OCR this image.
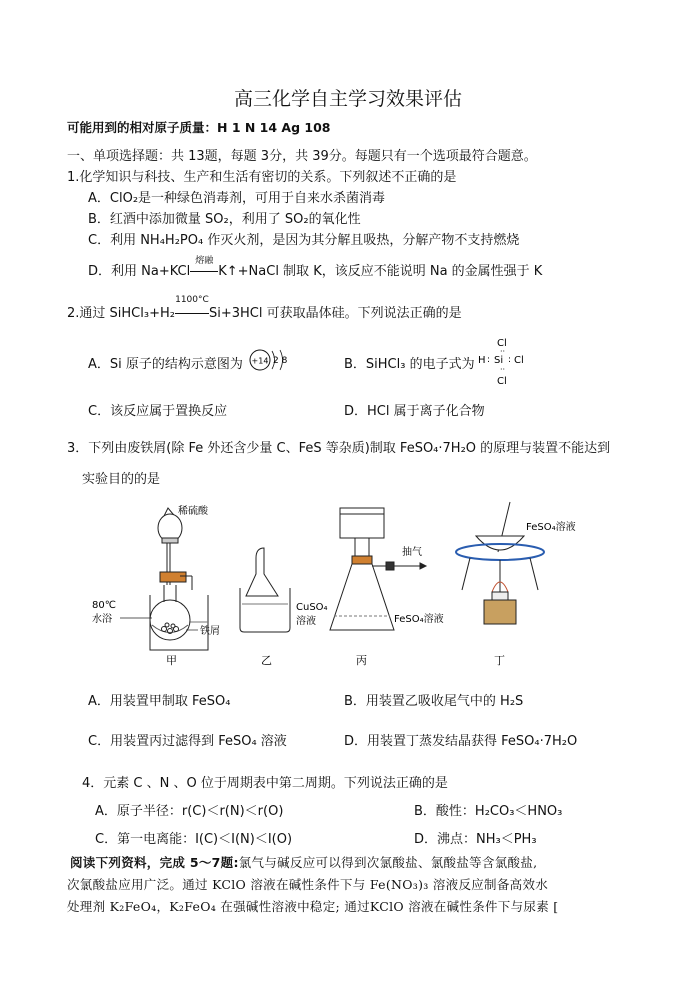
高三化学自主学习效果评估
可能用到的相对原子质量：H 1 N 14 Ag 108
一、单项选择题：共 13题，每题 3分，共 39分。每题只有一个选项最符合题意。
1.化学知识与科技、生产和生活有密切的关系。下列叙述不正确的是
A．ClO₂是一种绿色消毒剂，可用于自来水杀菌消毒
B．红酒中添加微量 SO₂，利用了 SO₂的氧化性
C．利用 NH₄H₂PO₄ 作灭火剂，是因为其分解且吸热，分解产物不支持燃烧
D．利用 Na+KCl
熔融
K↑+NaCl 制取 K，该反应不能说明 Na 的金属性强于 K
2.通过 SiHCl₃+H₂
1100°C
Si+3HCl 可获取晶体硅。下列说法正确的是
A．Si 原子的结构示意图为 +14 2 8	B．SiHCl₃ 的电子式为
Cl
··
H : Si : Cl
··
Cl
C．该反应属于置换反应	D．HCl 属于离子化合物
3．下列由废铁屑(除 Fe 外还含少量 C、FeS 等杂质)制取 FeSO₄·7H₂O 的原理与装置不能达到
实验目的的是
稀硫酸
80℃
水浴
铁屑
甲
CuSO₄
溶液
乙
抽气
FeSO₄溶液
丙
FeSO₄溶液
丁
A．用装置甲制取 FeSO₄	B．用装置乙吸收尾气中的 H₂S
C．用装置丙过滤得到 FeSO₄ 溶液	D．用装置丁蒸发结晶获得 FeSO₄·7H₂O
4．元素 C 、N 、O 位于周期表中第二周期。下列说法正确的是
A．原子半径：r(C)＜r(N)＜r(O)	B．酸性：H₂CO₃＜HNO₃
C．第一电离能：I(C)＜I(N)＜I(O)	D．沸点：NH₃＜PH₃
阅读下列资料，完成 5～7题:氯气与碱反应可以得到次氯酸盐、氯酸盐等含氯酸盐,
次氯酸盐应用广泛。通过 KClO 溶液在碱性条件下与 Fe(NO₃)₃ 溶液反应制备高效水
处理剂 K₂FeO₄，K₂FeO₄ 在强碱性溶液中稳定; 通过KClO 溶液在碱性条件下与尿素 [
